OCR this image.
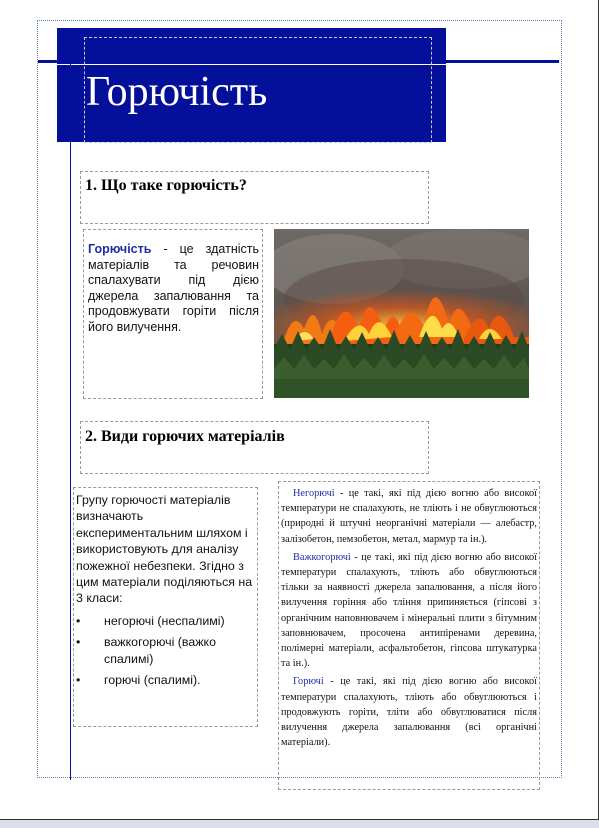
Горючість
1. Що таке горючість?
Горючість - це здатність матеріалів та речовин спалахувати під дією джерела запалювання та продовжувати горіти після його вилучення.
2. Види горючих матеріалів
Групу горючості матеріалів визначають експериментальним шляхом і використовують для аналізу пожежної небезпеки. Згідно з цим матеріали поділяються на 3 класи:
• негорючі (неспалимі)
• важкогорючі (важко спалимі)
• горючі (спалимі).
Негорючі - це такі, які під дією вогню або високої температури не спалахують, не тліють і не обвуглюються (природні й штучні неорганічні матеріали — алебастр, залізобетон, пемзобетон, метал, мармур та ін.).
Важкогорючі - це такі, які під дією вогню або високої температури спалахують, тліють або обвуглюються тільки за наявності джерела запалювання, а після його вилучення горіння або тління припиняється (гіпсові з органічним наповнювачем і мінеральні плити з бітумним заповнювачем, просочена антипіренами деревина, полімерні матеріали, асфальтобетон, гіпсова штукатурка та ін.).
Горючі - це такі, які під дією вогню або високої температури спалахують, тліють або обвуглюються і продовжують горіти, тліти або обвуглюватися після вилучення джерела запалювання (всі органічні матеріали).
